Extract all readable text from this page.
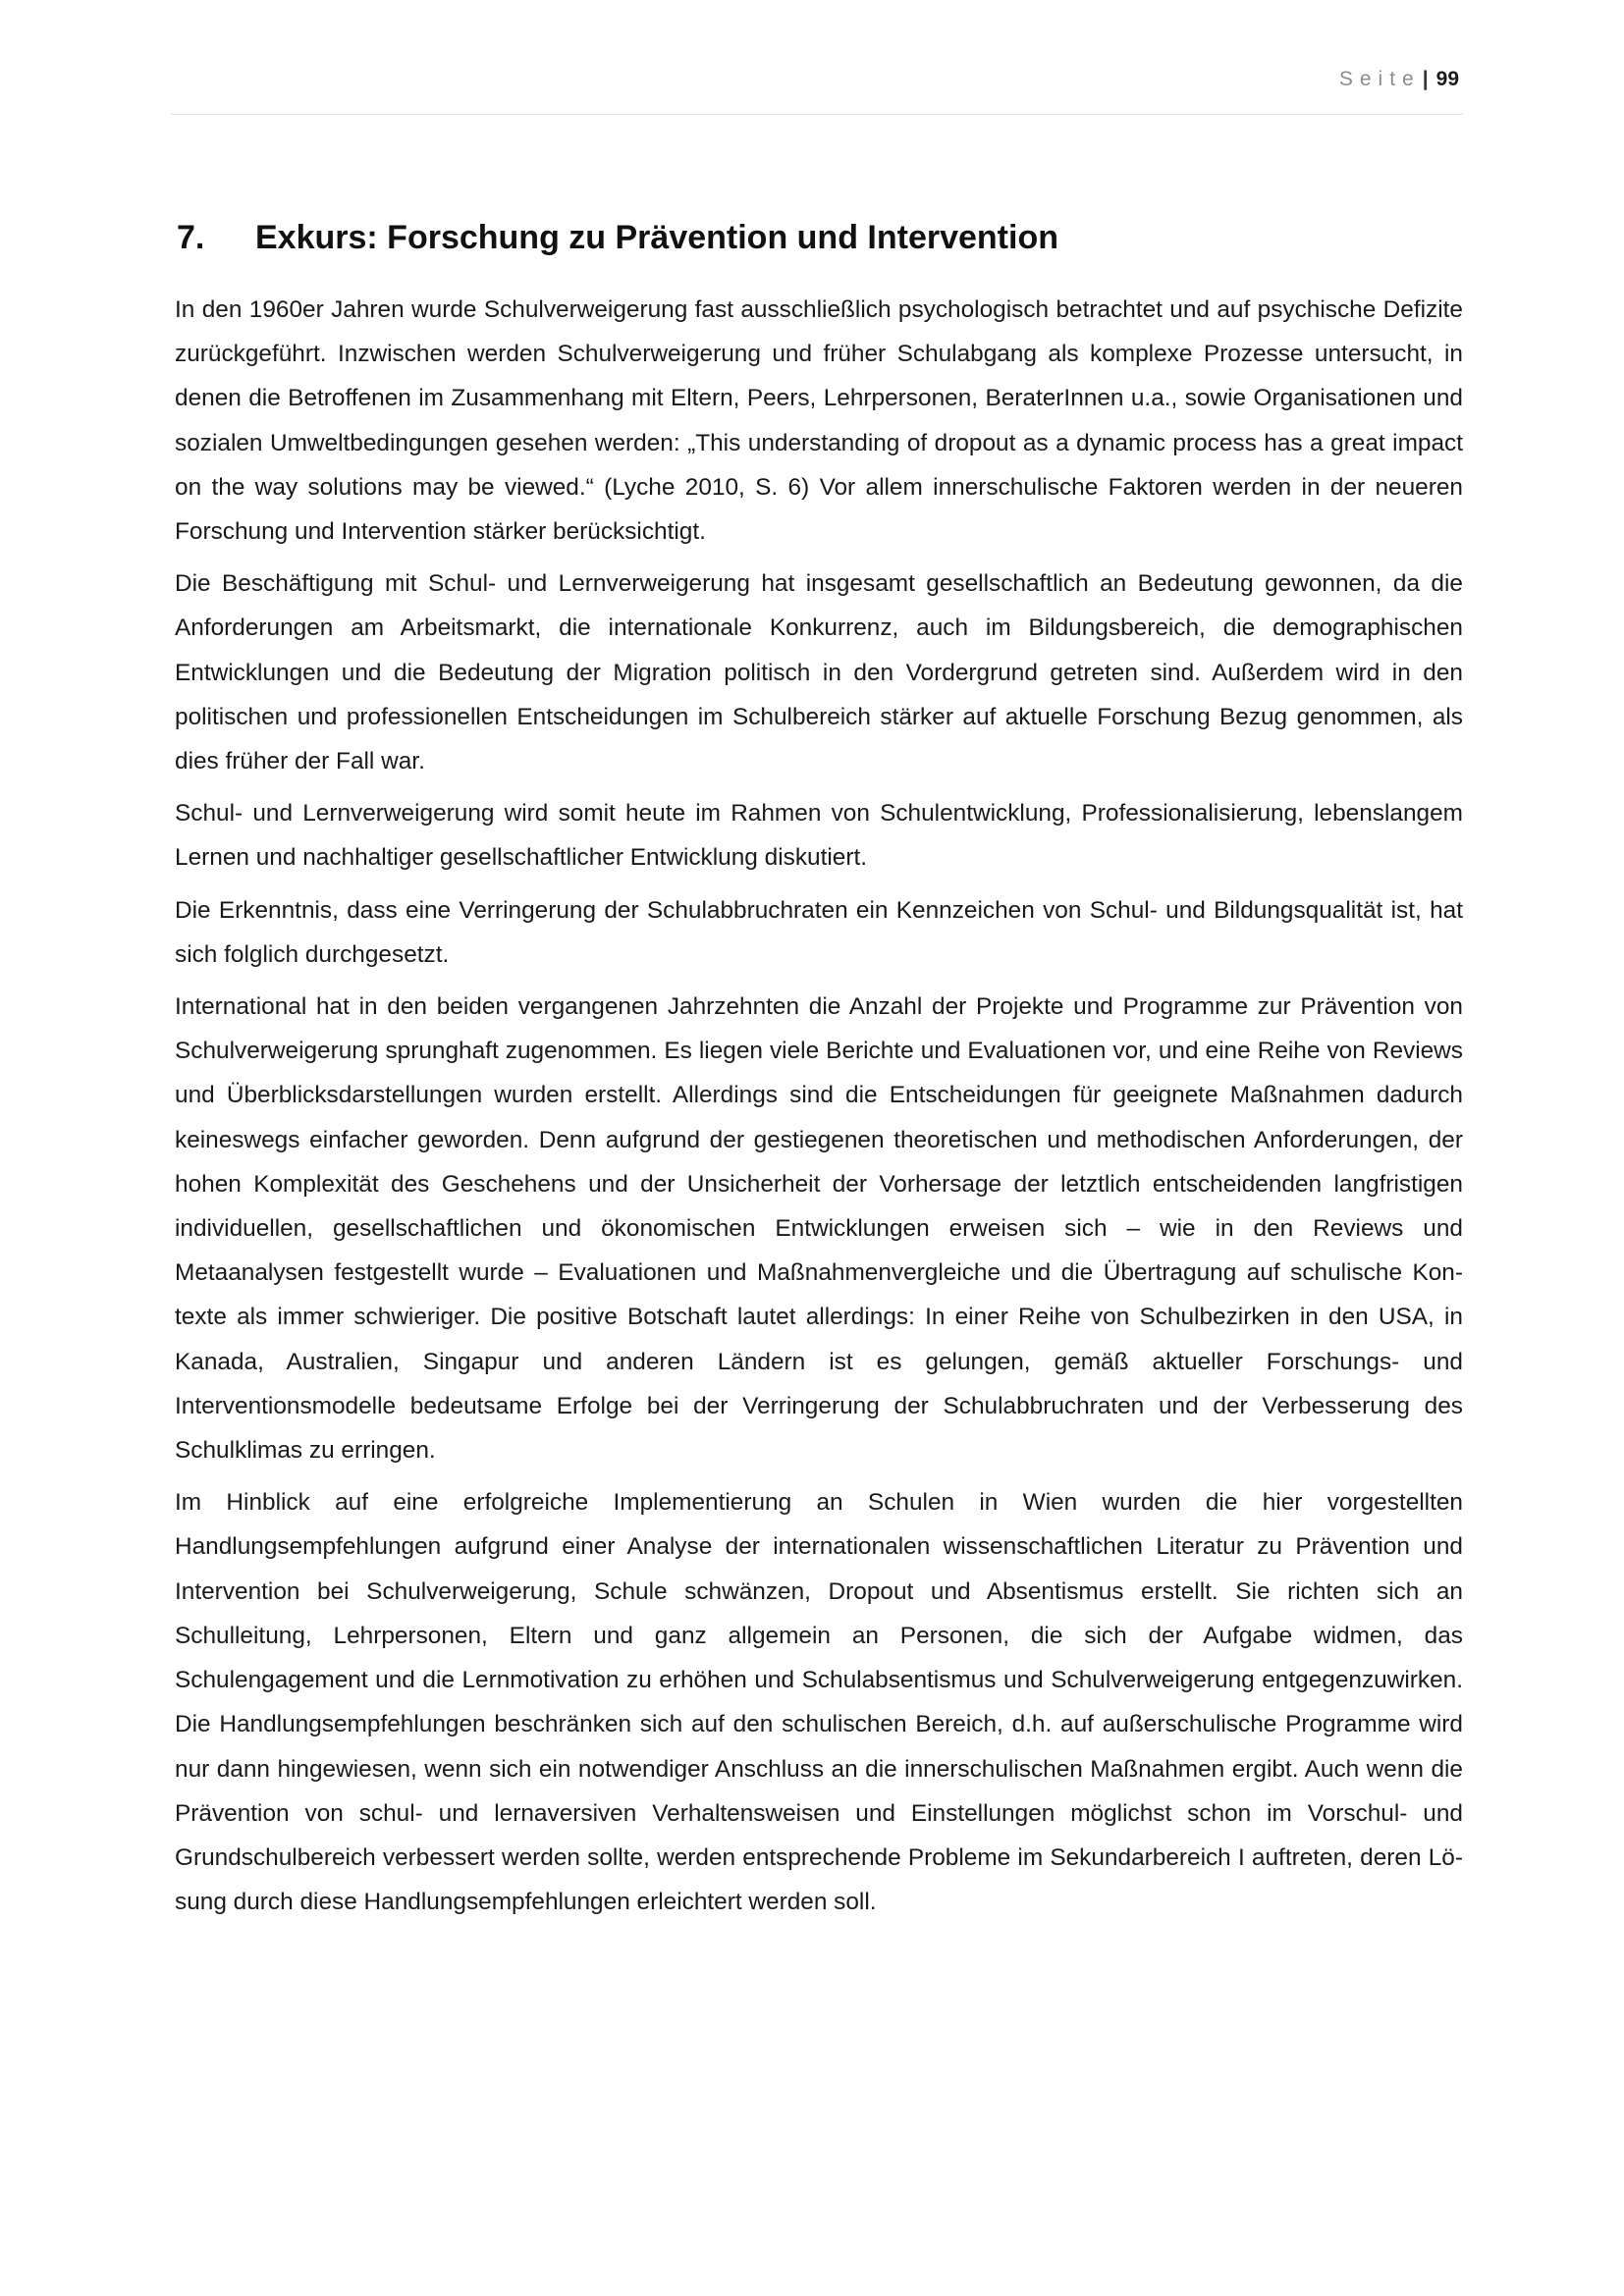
Seite| 99
7. Exkurs: Forschung zu Prävention und Intervention

In den 1960er Jahren wurde Schulverweigerung fast ausschließlich psychologisch betrachtet und auf psychische Defizite zurückgeführt. Inzwischen werden Schulverweigerung und früher Schulabgang als komplexe Prozesse untersucht, in denen die Betroffenen im Zusammenhang mit Eltern, Peers, Lehrpersonen, BeraterInnen u.a., sowie Organisationen und sozialen Umweltbedingungen gesehen werden: „This understanding of dropout as a dynamic process has a great impact on the way solutions may be viewed.“ (Lyche 2010, S. 6) Vor allem innerschulische Faktoren werden in der neueren Forschung und Intervention stärker berücksichtigt.

Die Beschäftigung mit Schul- und Lernverweigerung hat insgesamt gesellschaftlich an Bedeutung gewonnen, da die Anforderungen am Arbeitsmarkt, die internationale Konkurrenz, auch im Bildungsbereich, die demographischen Entwicklungen und die Bedeutung der Migration politisch in den Vordergrund getreten sind. Außerdem wird in den politischen und professionellen Entscheidungen im Schulbereich stärker auf aktuelle Forschung Bezug genommen, als dies früher der Fall war.

Schul- und Lernverweigerung wird somit heute im Rahmen von Schulentwicklung, Professionalisierung, lebenslangem Lernen und nachhaltiger gesellschaftlicher Entwicklung diskutiert.

Die Erkenntnis, dass eine Verringerung der Schulabbruchraten ein Kennzeichen von Schul- und Bildungsqualität ist, hat sich folglich durchgesetzt.

International hat in den beiden vergangenen Jahrzehnten die Anzahl der Projekte und Programme zur Prävention von Schulverweigerung sprunghaft zugenommen. Es liegen viele Berichte und Evaluationen vor, und eine Reihe von Reviews und Überblicksdarstellungen wurden erstellt. Allerdings sind die Entscheidungen für geeignete Maßnahmen dadurch keineswegs einfacher geworden. Denn aufgrund der gestiegenen theoretischen und methodischen Anforderungen, der hohen Komplexität des Geschehens und der Unsicherheit der Vorhersage der letztlich entscheidenden langfristigen individuellen, gesellschaftlichen und ökonomischen Entwicklungen erweisen sich – wie in den Reviews und Metaanalysen festgestellt wurde – Evaluationen und Maßnahmenvergleiche und die Übertragung auf schulische Kontexte als immer schwieriger. Die positive Botschaft lautet allerdings: In einer Reihe von Schulbezirken in den USA, in Kanada, Australien, Singapur und anderen Ländern ist es gelungen, gemäß aktueller Forschungs- und Interventionsmodelle bedeutsame Erfolge bei der Verringerung der Schulabbruchraten und der Verbesserung des Schulklimas zu erringen.

Im Hinblick auf eine erfolgreiche Implementierung an Schulen in Wien wurden die hier vorgestellten Handlungsempfehlungen aufgrund einer Analyse der internationalen wissenschaftlichen Literatur zu Prävention und Intervention bei Schulverweigerung, Schule schwänzen, Dropout und Absentismus erstellt. Sie richten sich an Schulleitung, Lehrpersonen, Eltern und ganz allgemein an Personen, die sich der Aufgabe widmen, das Schulengagement und die Lernmotivation zu erhöhen und Schulabsentismus und Schulverweigerung entgegenzuwirken. Die Handlungsempfehlungen beschränken sich auf den schulischen Bereich, d.h. auf außerschulische Programme wird nur dann hingewiesen, wenn sich ein notwendiger Anschluss an die innerschulischen Maßnahmen ergibt. Auch wenn die Prävention von schul- und lernaversiven Verhaltensweisen und Einstellungen möglichst schon im Vorschul- und Grundschulbereich verbessert werden sollte, werden entsprechende Probleme im Sekundarbereich I auftreten, deren Lösung durch diese Handlungsempfehlungen erleichtert werden soll.
